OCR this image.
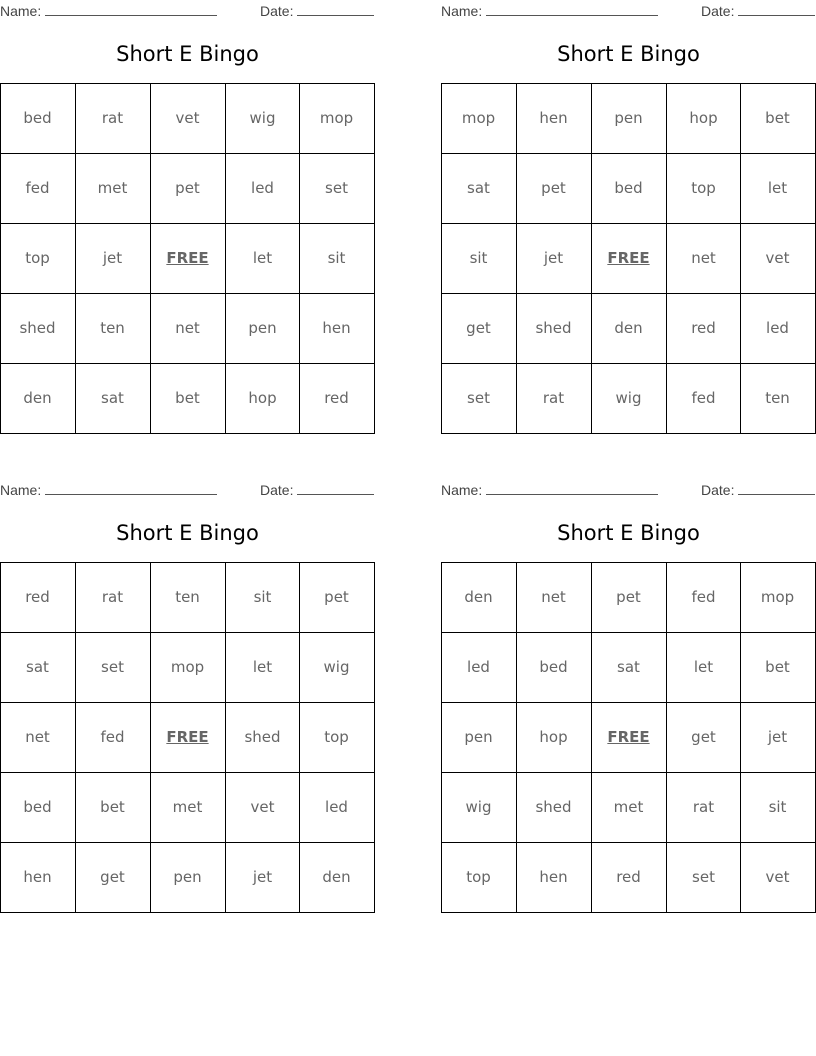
Name:	Date:
Short E Bingo
bed	rat	vet	wig	mop
fed	met	pet	led	set
top	jet	FREE	let	sit
shed	ten	net	pen	hen
den	sat	bet	hop	red
Name:	Date:
Short E Bingo
mop	hen	pen	hop	bet
sat	pet	bed	top	let
sit	jet	FREE	net	vet
get	shed	den	red	led
set	rat	wig	fed	ten
Name:	Date:
Short E Bingo
red	rat	ten	sit	pet
sat	set	mop	let	wig
net	fed	FREE	shed	top
bed	bet	met	vet	led
hen	get	pen	jet	den
Name:	Date:
Short E Bingo
den	net	pet	fed	mop
led	bed	sat	let	bet
pen	hop	FREE	get	jet
wig	shed	met	rat	sit
top	hen	red	set	vet
